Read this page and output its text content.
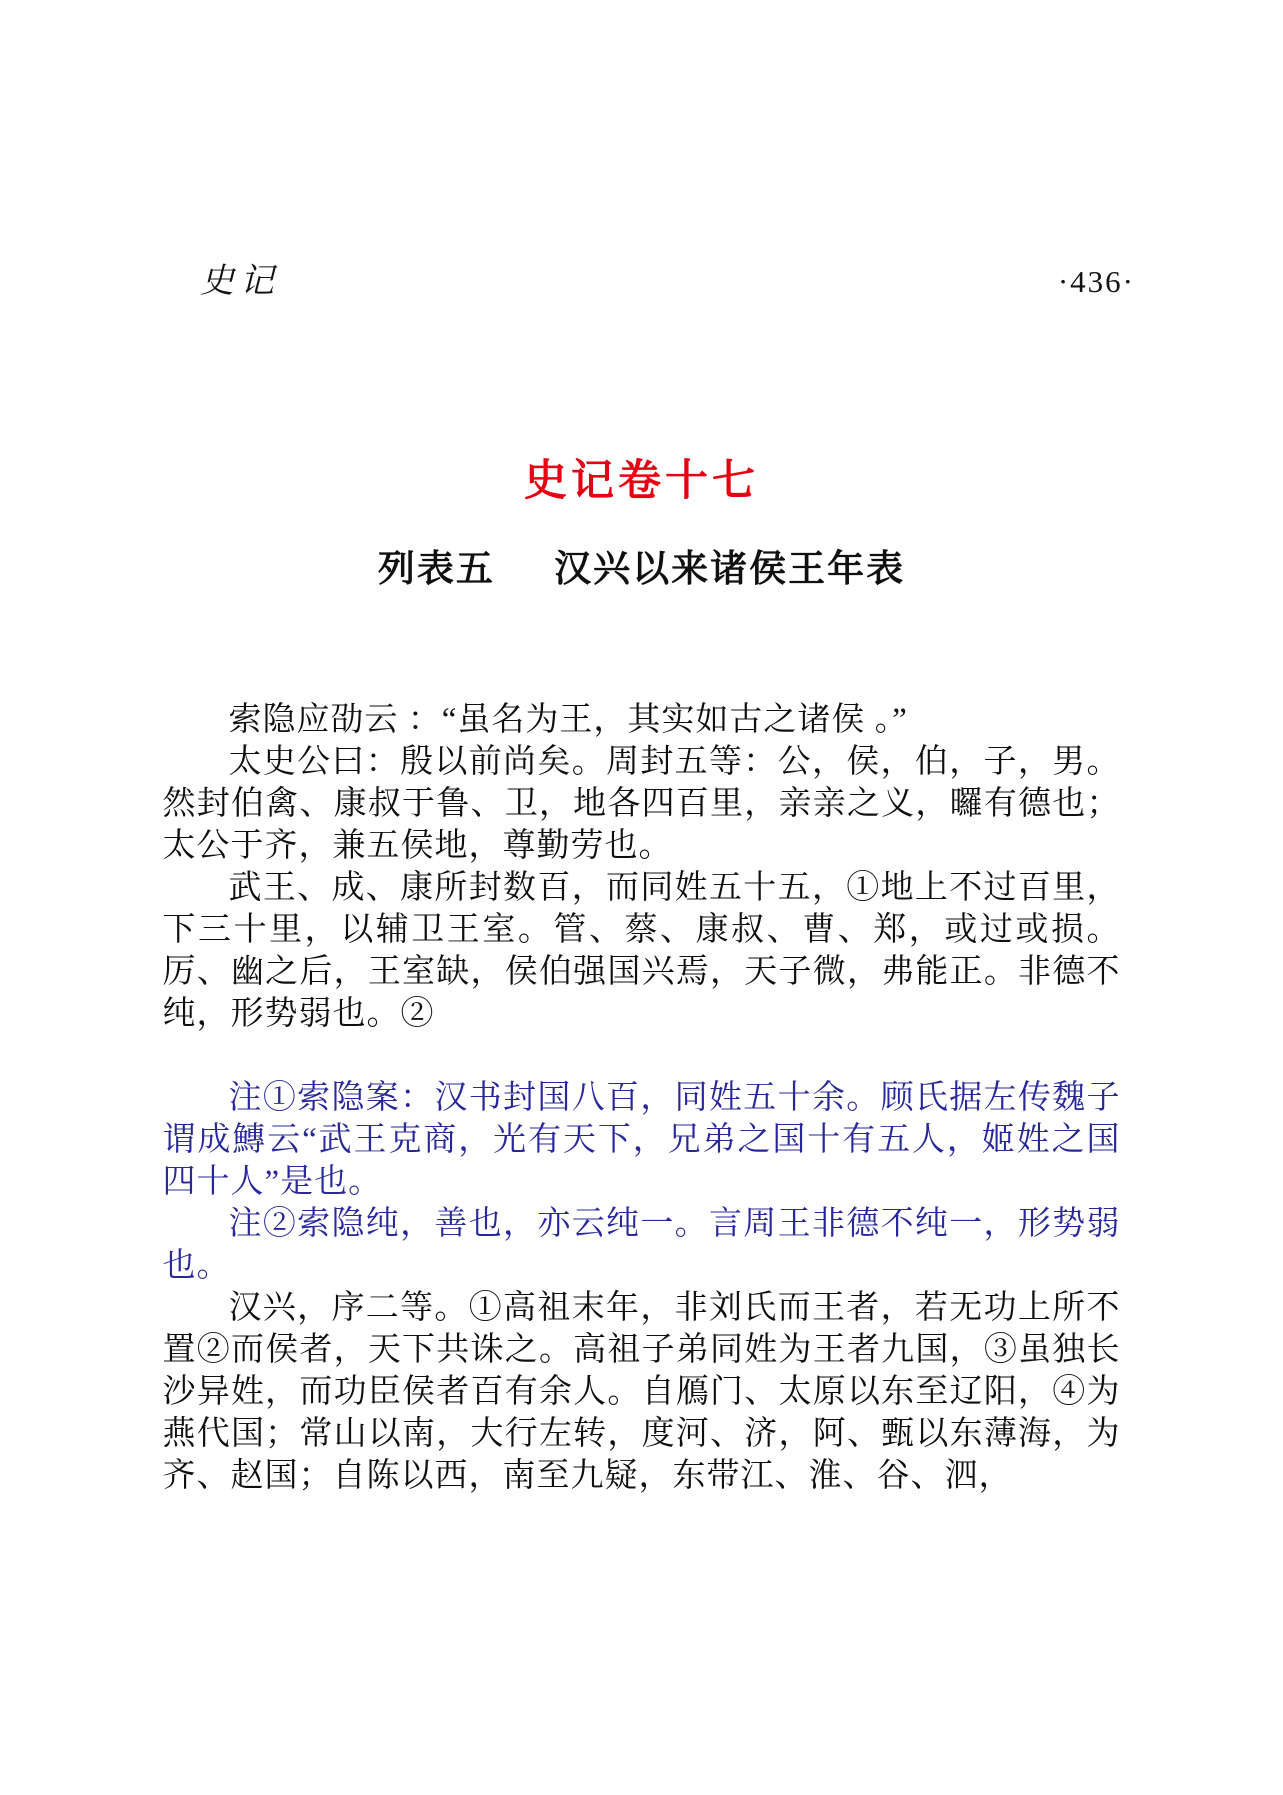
史记	·436·
史记卷十七
列表五 汉兴以来诸侯王年表

索隐应劭云 ：“虽名为王，其实如古之诸侯 。”

太史公曰：殷以前尚矣。周封五等：公，侯，伯，子，男。然封伯禽、康叔于鲁、卫，地各四百里，亲亲之义，曪有德也；太公于齐，兼五侯地，尊勤劳也。

武王、成、康所封数百，而同姓五十五，①地上不过百里，下三十里，以辅卫王室。管、蔡、康叔、曹、郑，或过或损。厉、幽之后，王室缺，侯伯强国兴焉，天子微，弗能正。非德不纯，形势弱也。②

注①索隐案：汉书封国八百，同姓五十余。顾氏据左传魏子谓成鱄云“武王克商，光有天下，兄弟之国十有五人，姬姓之国四十人”是也。

注②索隐纯，善也，亦云纯一。言周王非德不纯一，形势弱也。

汉兴，序二等。①高祖末年，非刘氏而王者，若无功上所不置②而侯者，天下共诛之。高祖子弟同姓为王者九国，③虽独长沙异姓，而功臣侯者百有余人。自鴈门、太原以东至辽阳，④为燕代国；常山以南，大行左转，度河、济，阿、甄以东薄海，为齐、赵国；自陈以西，南至九疑，东带江、淮、谷、泗，
